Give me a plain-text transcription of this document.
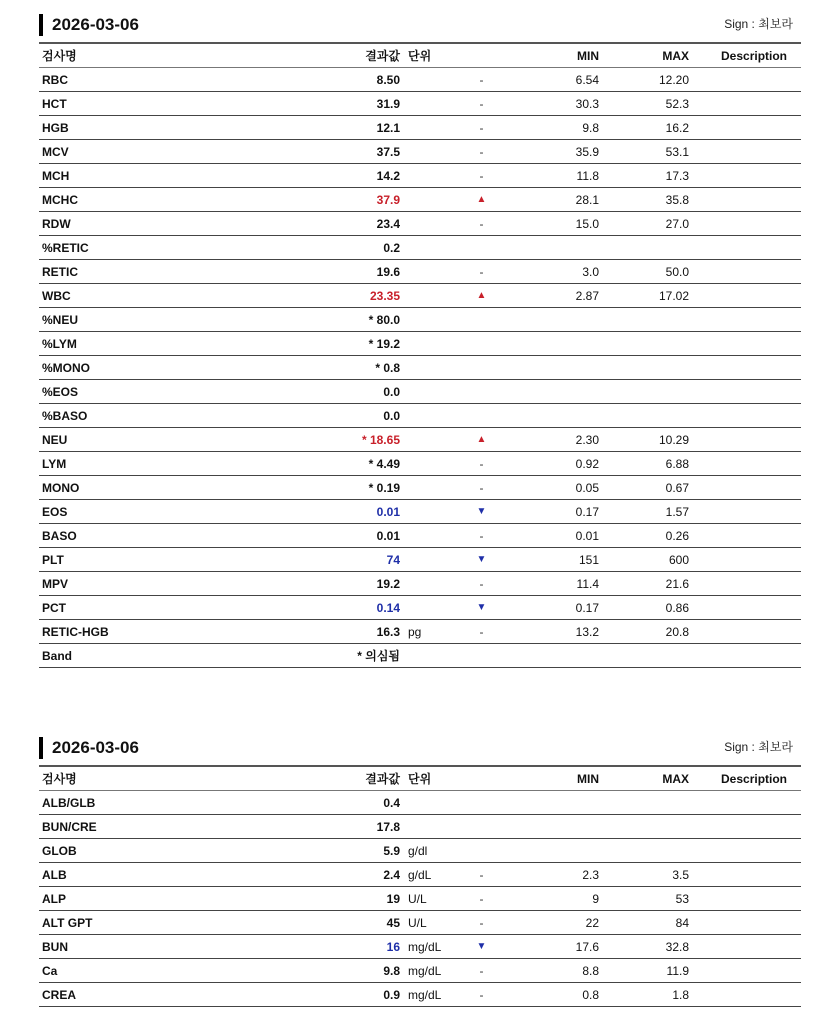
2026-03-06	Sign : 최보라
검사명	결과값	단위		MIN	MAX	Description
RBC	8.50		-	6.54	12.20	
HCT	31.9		-	30.3	52.3	
HGB	12.1		-	9.8	16.2	
MCV	37.5		-	35.9	53.1	
MCH	14.2		-	11.8	17.3	
MCHC	37.9		▲	28.1	35.8	
RDW	23.4		-	15.0	27.0	
%RETIC	0.2					
RETIC	19.6		-	3.0	50.0	
WBC	23.35		▲	2.87	17.02	
%NEU	* 80.0					
%LYM	* 19.2					
%MONO	* 0.8					
%EOS	0.0					
%BASO	0.0					
NEU	* 18.65		▲	2.30	10.29	
LYM	* 4.49		-	0.92	6.88	
MONO	* 0.19		-	0.05	0.67	
EOS	0.01		▼	0.17	1.57	
BASO	0.01		-	0.01	0.26	
PLT	74		▼	151	600	
MPV	19.2		-	11.4	21.6	
PCT	0.14		▼	0.17	0.86	
RETIC-HGB	16.3	pg	-	13.2	20.8	
Band	* 의심됨					
2026-03-06	Sign : 최보라
검사명	결과값	단위		MIN	MAX	Description
ALB/GLB	0.4					
BUN/CRE	17.8					
GLOB	5.9	g/dl				
ALB	2.4	g/dL	-	2.3	3.5	
ALP	19	U/L	-	9	53	
ALT GPT	45	U/L	-	22	84	
BUN	16	mg/dL	▼	17.6	32.8	
Ca	9.8	mg/dL	-	8.8	11.9	
CREA	0.9	mg/dL	-	0.8	1.8	
